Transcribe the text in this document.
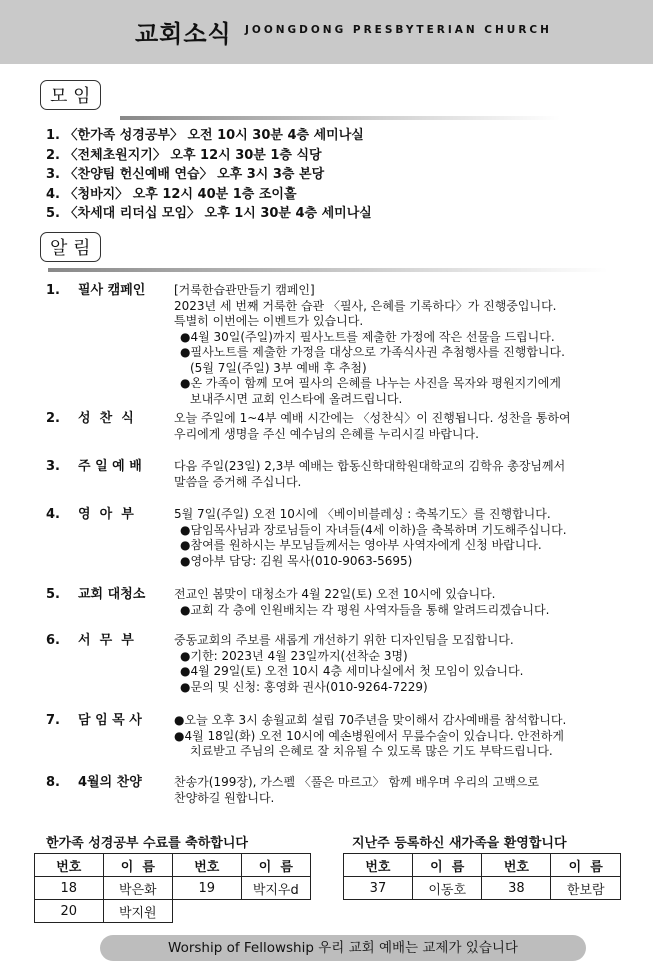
교회소식 JOONGDONG PRESBYTERIAN CHURCH
모 임
1. 〈한가족 성경공부〉 오전 10시 30분 4층 세미나실
2. 〈전체초원지기〉 오후 12시 30분 1층 식당
3. 〈찬양팀 헌신예배 연습〉 오후 3시 3층 본당
4. 〈청바지〉 오후 12시 40분 1층 조이홀
5. 〈차세대 리더십 모임〉 오후 1시 30분 4층 세미나실
알 림
1.	필사 캠페인	[거룩한습관만들기 캠페인]
2023년 세 번째 거룩한 습관 〈필사, 은혜를 기록하다〉가 진행중입니다.
특별히 이번에는 이벤트가 있습니다.
●4월 30일(주일)까지 필사노트를 제출한 가정에 작은 선물을 드립니다.
●필사노트를 제출한 가정을 대상으로 가족식사권 추첨행사를 진행합니다.
(5월 7일(주일) 3부 예배 후 추첨)
●온 가족이 함께 모여 필사의 은혜를 나누는 사진을 목자와 평원지기에게
보내주시면 교회 인스타에 올려드립니다.
2.	성  찬  식	오늘 주일에 1~4부 예배 시간에는 〈성찬식〉이 진행됩니다. 성찬을 통하여
우리에게 생명을 주신 예수님의 은혜를 누리시길 바랍니다.
3.	주 일 예 배	다음 주일(23일) 2,3부 예배는 합동신학대학원대학교의 김학유 총장님께서
말씀을 증거해 주십니다.
4.	영  아  부	5월 7일(주일) 오전 10시에 〈베이비블레싱 : 축복기도〉를 진행합니다.
●담임목사님과 장로님들이 자녀들(4세 이하)을 축복하며 기도해주십니다.
●참여를 원하시는 부모님들께서는 영아부 사역자에게 신청 바랍니다.
●영아부 담당: 김원 목사(010-9063-5695)
5.	교회 대청소	전교인 봄맞이 대청소가 4월 22일(토) 오전 10시에 있습니다.
●교회 각 층에 인원배치는 각 평원 사역자들을 통해 알려드리겠습니다.
6.	서  무  부	중동교회의 주보를 새롭게 개선하기 위한 디자인팀을 모집합니다.
●기한: 2023년 4월 23일까지(선착순 3명)
●4월 29일(토) 오전 10시 4층 세미나실에서 첫 모임이 있습니다.
●문의 및 신청: 홍영화 권사(010-9264-7229)
7.	담 임 목 사	●오늘 오후 3시 송월교회 설립 70주년을 맞이해서 감사예배를 참석합니다.
●4월 18일(화) 오전 10시에 예손병원에서 무릎수술이 있습니다. 안전하게
치료받고 주님의 은혜로 잘 치유될 수 있도록 많은 기도 부탁드립니다.
8.	4월의 찬양	찬송가(199장), 가스펠 〈풀은 마르고〉 함께 배우며 우리의 고백으로
찬양하길 원합니다.
한가족 성경공부 수료를 축하합니다
번호	이  름	번호	이  름
18	박은화	19	박지우d
20	박지원		
지난주 등록하신 새가족을 환영합니다
번호	이  름	번호	이  름
37	이동호	38	한보람
Worship of Fellowship 우리 교회 예배는 교제가 있습니다
